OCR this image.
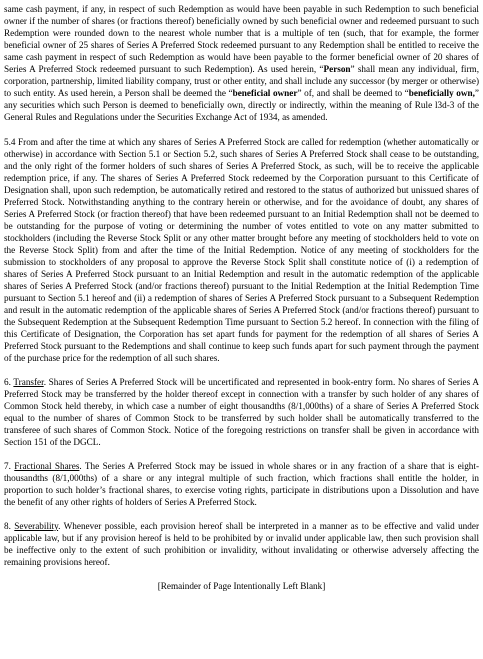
same cash payment, if any, in respect of such Redemption as would have been payable in such Redemption to such beneficial owner if the number of shares (or fractions thereof) beneficially owned by such beneficial owner and redeemed pursuant to such Redemption were rounded down to the nearest whole number that is a multiple of ten (such, that for example, the former beneficial owner of 25 shares of Series A Preferred Stock redeemed pursuant to any Redemption shall be entitled to receive the same cash payment in respect of such Redemption as would have been payable to the former beneficial owner of 20 shares of Series A Preferred Stock redeemed pursuant to such Redemption). As used herein, “Person” shall mean any individual, firm, corporation, partnership, limited liability company, trust or other entity, and shall include any successor (by merger or otherwise) to such entity. As used herein, a Person shall be deemed the “beneficial owner” of, and shall be deemed to “beneficially own,” any securities which such Person is deemed to beneficially own, directly or indirectly, within the meaning of Rule l3d-3 of the General Rules and Regulations under the Securities Exchange Act of 1934, as amended.

5.4 From and after the time at which any shares of Series A Preferred Stock are called for redemption (whether automatically or otherwise) in accordance with Section 5.1 or Section 5.2, such shares of Series A Preferred Stock shall cease to be outstanding, and the only right of the former holders of such shares of Series A Preferred Stock, as such, will be to receive the applicable redemption price, if any. The shares of Series A Preferred Stock redeemed by the Corporation pursuant to this Certificate of Designation shall, upon such redemption, be automatically retired and restored to the status of authorized but unissued shares of Preferred Stock. Notwithstanding anything to the contrary herein or otherwise, and for the avoidance of doubt, any shares of Series A Preferred Stock (or fraction thereof) that have been redeemed pursuant to an Initial Redemption shall not be deemed to be outstanding for the purpose of voting or determining the number of votes entitled to vote on any matter submitted to stockholders (including the Reverse Stock Split or any other matter brought before any meeting of stockholders held to vote on the Reverse Stock Split) from and after the time of the Initial Redemption. Notice of any meeting of stockholders for the submission to stockholders of any proposal to approve the Reverse Stock Split shall constitute notice of (i) a redemption of shares of Series A Preferred Stock pursuant to an Initial Redemption and result in the automatic redemption of the applicable shares of Series A Preferred Stock (and/or fractions thereof) pursuant to the Initial Redemption at the Initial Redemption Time pursuant to Section 5.1 hereof and (ii) a redemption of shares of Series A Preferred Stock pursuant to a Subsequent Redemption and result in the automatic redemption of the applicable shares of Series A Preferred Stock (and/or fractions thereof) pursuant to the Subsequent Redemption at the Subsequent Redemption Time pursuant to Section 5.2 hereof. In connection with the filing of this Certificate of Designation, the Corporation has set apart funds for payment for the redemption of all shares of Series A Preferred Stock pursuant to the Redemptions and shall continue to keep such funds apart for such payment through the payment of the purchase price for the redemption of all such shares.

6. Transfer. Shares of Series A Preferred Stock will be uncertificated and represented in book-entry form. No shares of Series A Preferred Stock may be transferred by the holder thereof except in connection with a transfer by such holder of any shares of Common Stock held thereby, in which case a number of eight thousandths (8/1,000ths) of a share of Series A Preferred Stock equal to the number of shares of Common Stock to be transferred by such holder shall be automatically transferred to the transferee of such shares of Common Stock. Notice of the foregoing restrictions on transfer shall be given in accordance with Section 151 of the DGCL.

7. Fractional Shares. The Series A Preferred Stock may be issued in whole shares or in any fraction of a share that is eight-thousandths (8/1,000ths) of a share or any integral multiple of such fraction, which fractions shall entitle the holder, in proportion to such holder’s fractional shares, to exercise voting rights, participate in distributions upon a Dissolution and have the benefit of any other rights of holders of Series A Preferred Stock.

8. Severability. Whenever possible, each provision hereof shall be interpreted in a manner as to be effective and valid under applicable law, but if any provision hereof is held to be prohibited by or invalid under applicable law, then such provision shall be ineffective only to the extent of such prohibition or invalidity, without invalidating or otherwise adversely affecting the remaining provisions hereof.

[Remainder of Page Intentionally Left Blank]
